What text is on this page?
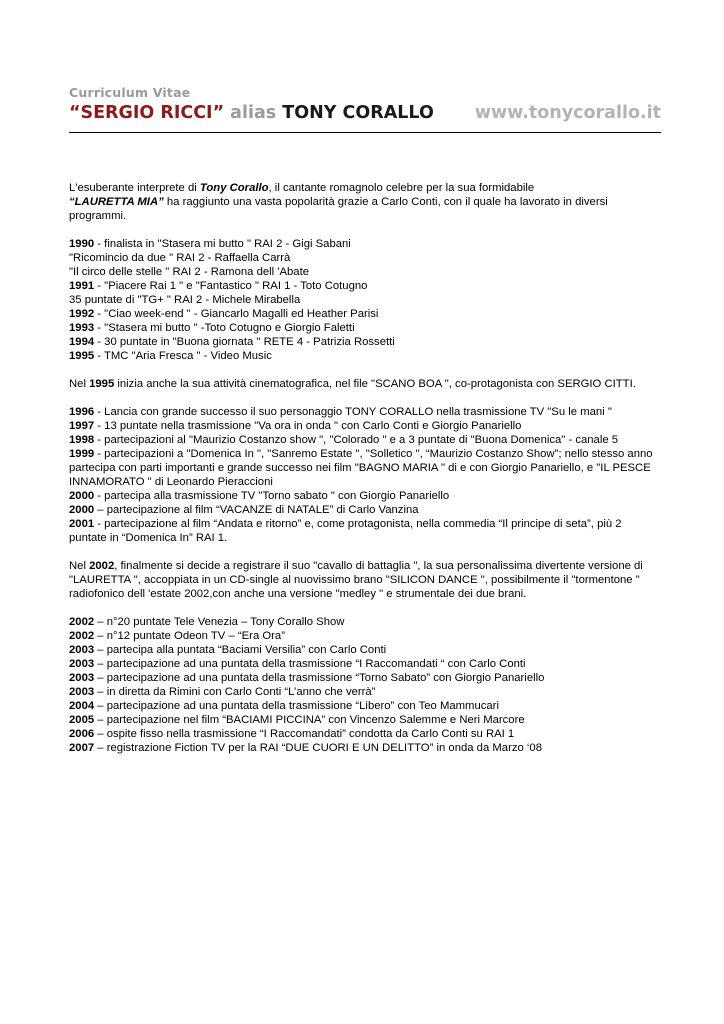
Curriculum Vitae
“SERGIO RICCI” alias TONY CORALLO www.tonycorallo.it

L'esuberante interprete di Tony Corallo, il cantante romagnolo celebre per la sua formidabile
“LAURETTA MIA” ha raggiunto una vasta popolarità grazie a Carlo Conti, con il quale ha lavorato in diversi programmi.

1990 - finalista in "Stasera mi butto " RAI 2 - Gigi Sabani

"Ricomincio da due " RAI 2 - Raffaella Carrà

"Il circo delle stelle " RAI 2 - Ramona dell 'Abate

1991 - "Piacere Rai 1 " e "Fantastico " RAI 1 - Toto Cotugno

35 puntate di "TG+ " RAI 2 - Michele Mirabella

1992 - "Ciao week-end " - Giancarlo Magalli ed Heather Parisi

1993 - "Stasera mi butto " -Toto Cotugno e Giorgio Faletti

1994 - 30 puntate in "Buona giornata " RETE 4 - Patrizia Rossetti

1995 - TMC "Aria Fresca " - Video Music

Nel 1995 inizia anche la sua attività cinematografica, nel file "SCANO BOA ", co-protagonista con SERGIO CITTI.

1996 - Lancia con grande successo il suo personaggio TONY CORALLO nella trasmissione TV "Su le mani "

1997 - 13 puntate nella trasmissione "Va ora in onda " con Carlo Conti e Giorgio Panariello

1998 - partecipazioni al "Maurizio Costanzo show ", "Colorado " e a 3 puntate di "Buona Domenica" - canale 5

1999 - partecipazioni a "Domenica In ", "Sanremo Estate ", "Solletico ", “Maurizio Costanzo Show”; nello stesso anno partecipa con parti importanti e grande successo nei film "BAGNO MARIA " di e con Giorgio Panariello, e "IL PESCE INNAMORATO " di Leonardo Pieraccioni

2000 - partecipa alla trasmissione TV "Torno sabato " con Giorgio Panariello

2000 – partecipazione al film “VACANZE di NATALE” di Carlo Vanzina

2001 - partecipazione al film “Andata e ritorno” e, come protagonista, nella commedia “Il principe di seta”, più 2 puntate in “Domenica In” RAI 1.

Nel 2002, finalmente si decide a registrare il suo "cavallo di battaglia ", la sua personalissima divertente versione di "LAURETTA ", accoppiata in un CD-single al nuovissimo brano "SILICON DANCE ", possibilmente il "tormentone " radiofonico dell 'estate 2002,con anche una versione "medley " e strumentale dei due brani.

2002 – n°20 puntate Tele Venezia – Tony Corallo Show

2002 – n°12 puntate Odeon TV – “Era Ora”

2003 – partecipa alla puntata “Baciami Versilia” con Carlo Conti

2003 – partecipazione ad una puntata della trasmissione “I Raccomandati “ con Carlo Conti

2003 – partecipazione ad una puntata della trasmissione “Torno Sabato” con Giorgio Panariello

2003 – in diretta da Rimini con Carlo Conti “L’anno che verrà”

2004 – partecipazione ad una puntata della trasmissione “Libero” con Teo Mammucari

2005 – partecipazione nel film “BACIAMI PICCINA” con Vincenzo Salemme e Neri Marcore

2006 – ospite fisso nella trasmissione “I Raccomandati” condotta da Carlo Conti su RAI 1

2007 – registrazione Fiction TV per la RAI “DUE CUORI E UN DELITTO” in onda da Marzo ‘08
